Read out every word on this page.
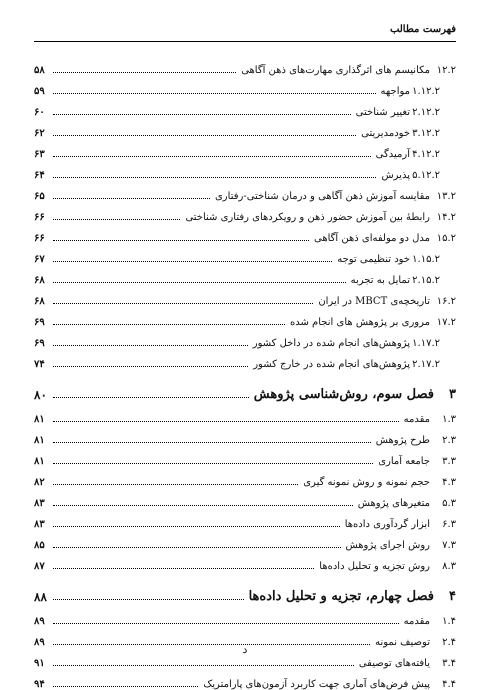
فهرست مطالب
۱۲.۲
مکانیسم های اثرگذاری مهارت‌های ذهن آگاهی
۵۸
۱.۱۲.۲
مواجهه
۵۹
۲.۱۲.۲
تغییر شناختی
۶۰
۳.۱۲.۲
خودمدیریتی
۶۲
۴.۱۲.۲
آرمیدگی
۶۳
۵.۱۲.۲
پذیرش
۶۴
۱۳.۲
مقایسه آموزش ذهن آگاهی و درمان شناختی-رفتاری
۶۵
۱۴.۲
رابطهٔ بین آموزش حضور ذهن و رویکردهای رفتاری شناختی
۶۶
۱۵.۲
مدل دو مولفه‌ای ذهن آگاهی
۶۶
۱.۱۵.۲
خود تنظیمی توجه
۶۷
۲.۱۵.۲
تمایل به تجربه
۶۸
۱۶.۲
تاریخچه‌ی MBCT در ایران
۶۸
۱۷.۲
مروری بر پژوهش های انجام شده
۶۹
۱.۱۷.۲
پژوهش‌های انجام شده در داخل کشور
۶۹
۲.۱۷.۲
پژوهش‌های انجام شده در خارج کشور
۷۴
۳
فصل سوم، روش‌شناسی پژوهش
۸۰
۱.۳
مقدمه
۸۱
۲.۳
طرح پژوهش
۸۱
۳.۳
جامعه آماری
۸۱
۴.۳
حجم نمونه و روش نمونه گیری
۸۲
۵.۳
متغیرهای پژوهش
۸۳
۶.۳
ابزار گردآوری داده‌ها
۸۳
۷.۳
روش اجرای پژوهش
۸۵
۸.۳
روش تجزیه و تحلیل داده‌ها
۸۷
۴
فصل چهارم، تجزیه و تحلیل داده‌ها
۸۸
۱.۴
مقدمه
۸۹
۲.۴
توصیف نمونه
۸۹
۳.۴
یافته‌های توصیفی
۹۱
۴.۴
پیش فرض‌های آماری جهت کاربرد آزمون‌های پارامتریک
۹۴
د
